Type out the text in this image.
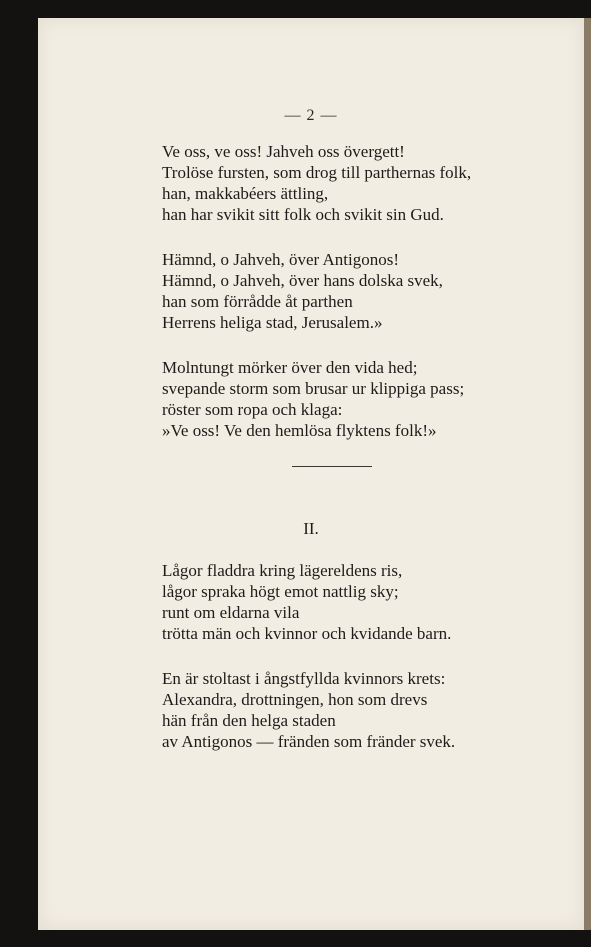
— 2 —
Ve oss, ve oss! Jahveh oss övergett!
Trolöse fursten, som drog till parthernas folk,
han, makkabéers ättling,
han har svikit sitt folk och svikit sin Gud.
Hämnd, o Jahveh, över Antigonos!
Hämnd, o Jahveh, över hans dolska svek,
han som förrådde åt parthen
Herrens heliga stad, Jerusalem.»
Molntungt mörker över den vida hed;
svepande storm som brusar ur klippiga pass;
röster som ropa och klaga:
»Ve oss! Ve den hemlösa flyktens folk!»
II.
Lågor fladdra kring lägereldens ris,
lågor spraka högt emot nattlig sky;
runt om eldarna vila
trötta män och kvinnor och kvidande barn.
En är stoltast i ångstfyllda kvinnors krets:
Alexandra, drottningen, hon som drevs
hän från den helga staden
av Antigonos — fränden som fränder svek.
